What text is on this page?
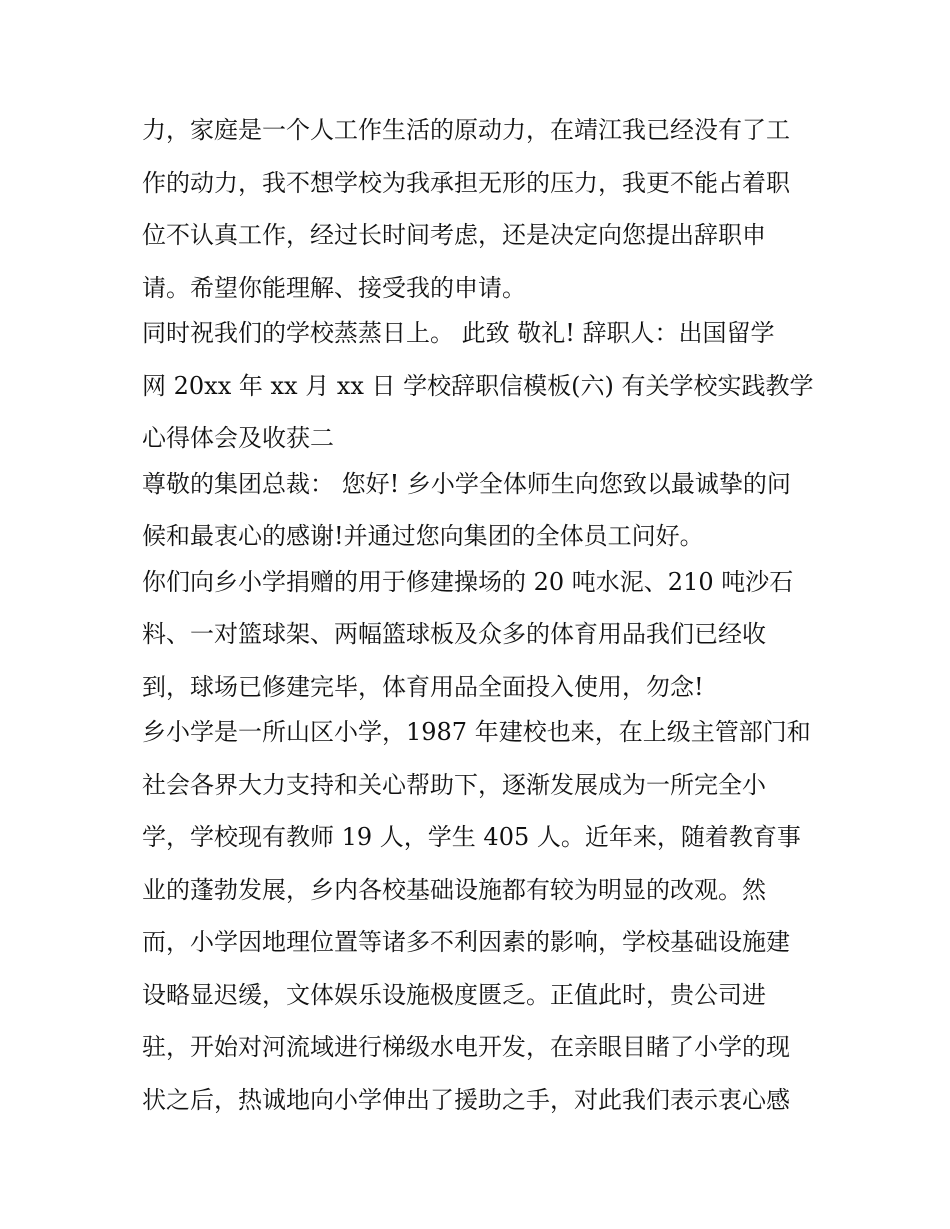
力，家庭是一个人工作生活的原动力，在靖江我已经没有了工
作的动力，我不想学校为我承担无形的压力，我更不能占着职
位不认真工作，经过长时间考虑，还是决定向您提出辞职申
请。希望你能理解、接受我的申请。
同时祝我们的学校蒸蒸日上。 此致 敬礼! 辞职人：出国留学
网 20xx 年 xx 月 xx 日 学校辞职信模板(六) 有关学校实践教学
心得体会及收获二
尊敬的集团总裁： 您好! 乡小学全体师生向您致以最诚挚的问
候和最衷心的感谢!并通过您向集团的全体员工问好。
你们向乡小学捐赠的用于修建操场的 20 吨水泥、210 吨沙石
料、一对篮球架、两幅篮球板及众多的体育用品我们已经收
到，球场已修建完毕，体育用品全面投入使用，勿念!
乡小学是一所山区小学，1987 年建校也来，在上级主管部门和
社会各界大力支持和关心帮助下，逐渐发展成为一所完全小
学，学校现有教师 19 人，学生 405 人。近年来，随着教育事
业的蓬勃发展，乡内各校基础设施都有较为明显的改观。然
而，小学因地理位置等诸多不利因素的影响，学校基础设施建
设略显迟缓，文体娱乐设施极度匮乏。正值此时，贵公司进
驻，开始对河流域进行梯级水电开发，在亲眼目睹了小学的现
状之后，热诚地向小学伸出了援助之手，对此我们表示衷心感
